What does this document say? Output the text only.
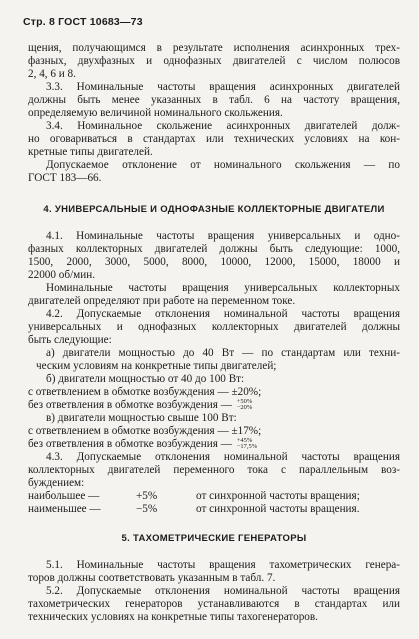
Стр. 8 ГОСТ 10683—73
щения, получающимся в результате исполнения асинхронных трех-
фазных, двухфазных и однофазных двигателей с числом полюсов
2, 4, 6 и 8.
3.3. Номинальные частоты вращения асинхронных двигателей
должны быть менее указанных в табл. 6 на частоту вращения,
определяемую величиной номинального скольжения.
3.4. Номинальное скольжение асинхронных двигателей долж-
но оговариваться в стандартах или технических условиях на кон-
кретные типы двигателей.
Допускаемое отклонение от номинального скольжения — по
ГОСТ 183—66.
4. УНИВЕРСАЛЬНЫЕ И ОДНОФАЗНЫЕ КОЛЛЕКТОРНЫЕ ДВИГАТЕЛИ
4.1. Номинальные частоты вращения универсальных и одно-
фазных коллекторных двигателей должны быть следующие: 1000,
1500, 2000, 3000, 5000, 8000, 10000, 12000, 15000, 18000 и
22000 об/мин.
Номинальные частоты вращения универсальных коллекторных
двигателей определяют при работе на переменном токе.
4.2. Допускаемые отклонения номинальной частоты вращения
универсальных и однофазных коллекторных двигателей должны
быть следующие:
а) двигатели мощностью до 40 Вт — по стандартам или техни-
ческим условиям на конкретные типы двигателей;
б) двигатели мощностью от 40 до 100 Вт:
с ответвлением в обмотке возбуждения — ±20%;
без ответвления в обмотке возбуждения — +50%
−20%
в) двигатели мощностью свыше 100 Вт:
с ответвлением в обмотке возбуждения — ±17%;
без ответвления в обмотке возбуждения — +45%
−17,5%
4.3. Допускаемые отклонения номинальной частоты вращения
коллекторных двигателей переменного тока с параллельным воз-
буждением:
наибольшее —	+5%	от синхронной частоты вращения;
наименьшее —	−5%	от синхронной частоты вращения.
5. ТАХОМЕТРИЧЕСКИЕ ГЕНЕРАТОРЫ
5.1. Номинальные частоты вращения тахометрических генера-
торов должны соответствовать указанным в табл. 7.
5.2. Допускаемые отклонения номинальной частоты вращения
тахометрических генераторов устанавливаются в стандартах или
технических условиях на конкретные типы тахогенераторов.
